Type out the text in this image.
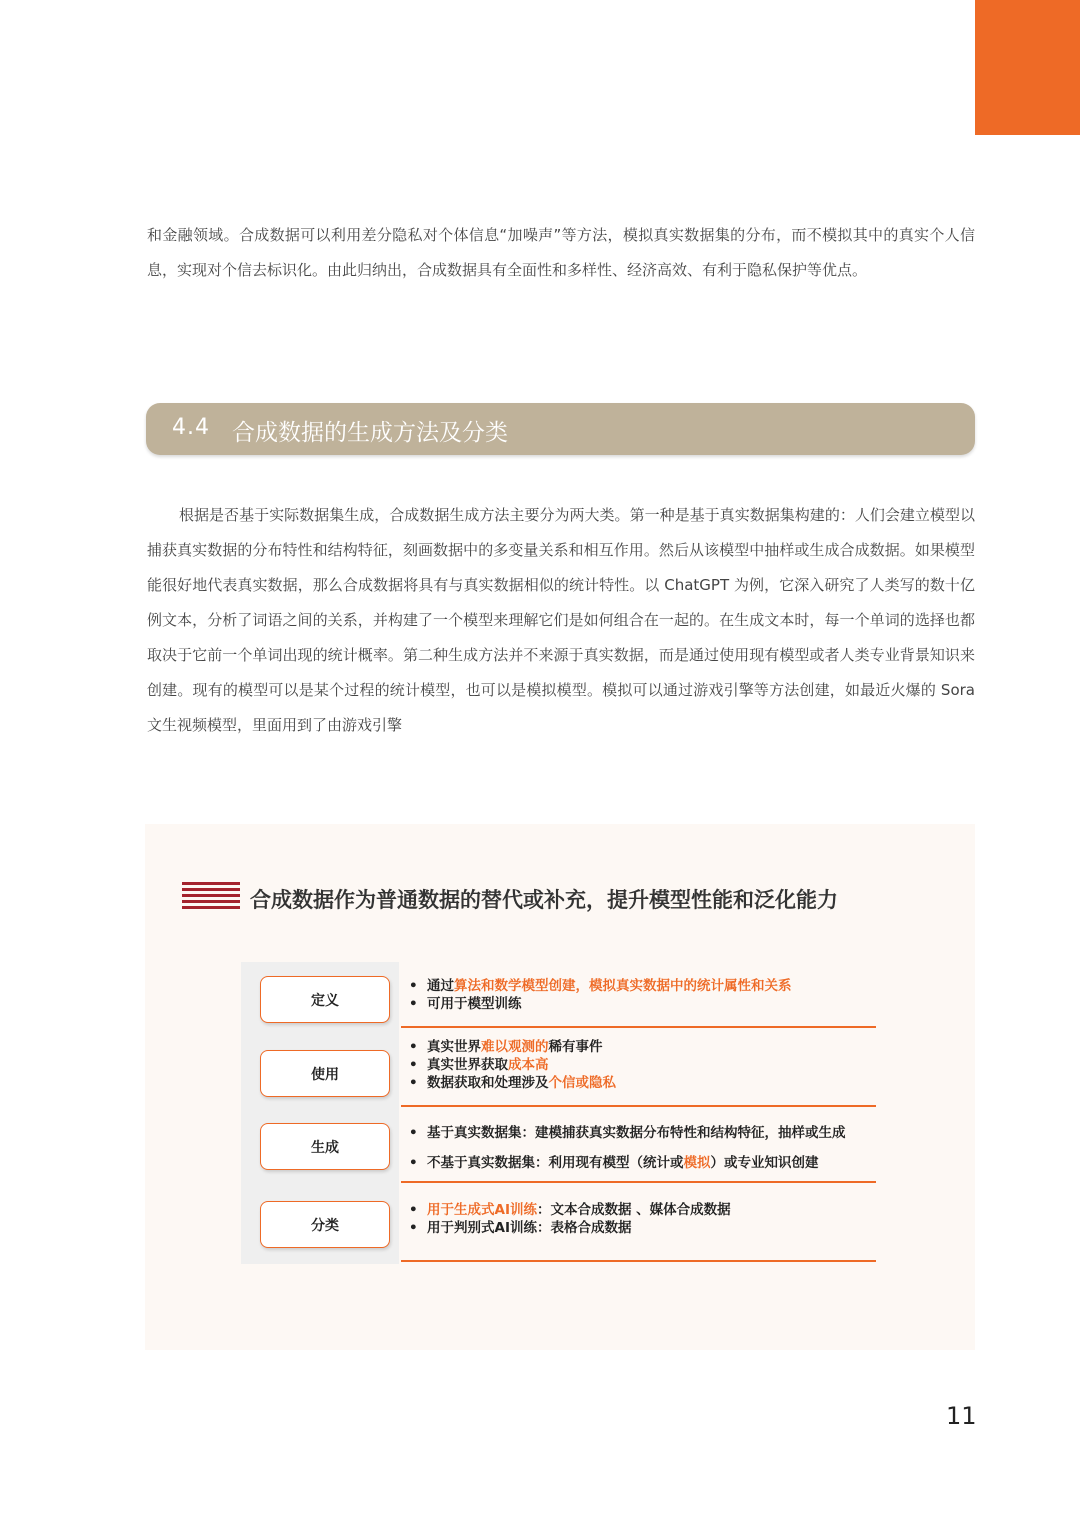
和金融领域。合成数据可以利用差分隐私对个体信息“加噪声”等方法，模拟真实数据集的分布，而不模拟其中的真实个人信息，实现对个信去标识化。由此归纳出，合成数据具有全面性和多样性、经济高效、有利于隐私保护等优点。

4.4 合成数据的生成方法及分类

根据是否基于实际数据集生成，合成数据生成方法主要分为两大类。第一种是基于真实数据集构建的：人们会建立模型以捕获真实数据的分布特性和结构特征，刻画数据中的多变量关系和相互作用。然后从该模型中抽样或生成合成数据。如果模型能很好地代表真实数据，那么合成数据将具有与真实数据相似的统计特性。以 ChatGPT 为例，它深入研究了人类写的数十亿例文本，分析了词语之间的关系，并构建了一个模型来理解它们是如何组合在一起的。在生成文本时，每一个单词的选择也都取决于它前一个单词出现的统计概率。第二种生成方法并不来源于真实数据，而是通过使用现有模型或者人类专业背景知识来创建。现有的模型可以是某个过程的统计模型，也可以是模拟模型。模拟可以通过游戏引擎等方法创建，如最近火爆的 Sora 文生视频模型，里面用到了由游戏引擎

合成数据作为普通数据的替代或补充，提升模型性能和泛化能力
定义
使用
生成
分类
• 通过算法和数学模型创建，模拟真实数据中的统计属性和关系
• 可用于模型训练
• 真实世界难以观测的稀有事件
• 真实世界获取成本高
• 数据获取和处理涉及个信或隐私
• 基于真实数据集：建模捕获真实数据分布特性和结构特征，抽样或生成
• 不基于真实数据集：利用现有模型（统计或模拟）或专业知识创建
• 用于生成式AI训练：文本合成数据 、媒体合成数据
• 用于判别式AI训练：表格合成数据
11
